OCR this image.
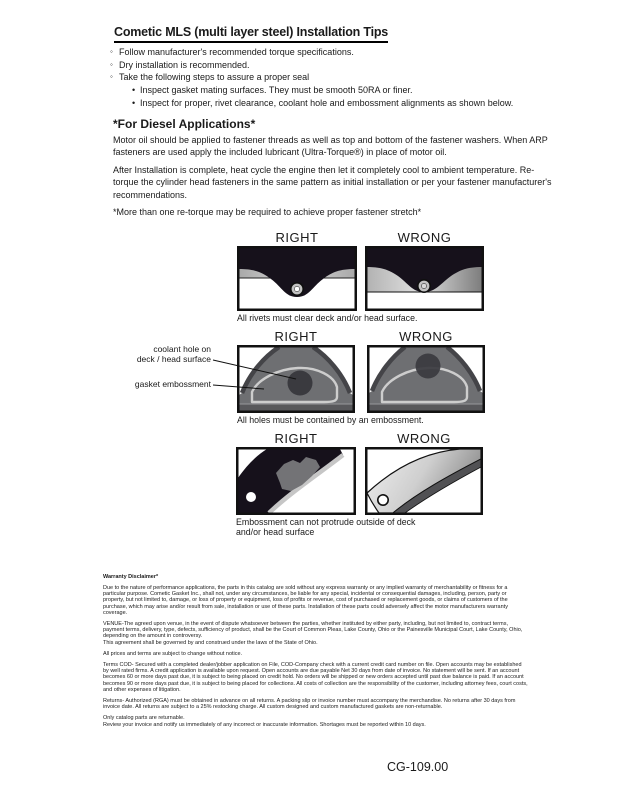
Cometic MLS (multi layer steel) Installation Tips
◦ Follow manufacturer's recommended torque specifications.
◦ Dry installation is recommended.
◦ Take the following steps to assure a proper seal
• Inspect gasket mating surfaces. They must be smooth 50RA or finer.
• Inspect for proper, rivet clearance, coolant hole and embossment alignments as shown below.
*For Diesel Applications*
Motor oil should be applied to fastener threads as well as top and bottom of the fastener washers. When ARP fasteners are used apply the included lubricant (Ultra-Torque®) in place of motor oil.
After Installation is complete, heat cycle the engine then let it completely cool to ambient temperature. Re-torque the cylinder head fasteners in the same pattern as initial installation or per your fastener manufacturer's recommendations.
*More than one re-torque may be required to achieve proper fastener stretch*
RIGHT	WRONG
All rivets must clear deck and/or head surface.
RIGHT	WRONG
All holes must be contained by an embossment.
coolant hole on
deck / head surface
gasket embossment
RIGHT	WRONG
Embossment can not protrude outside of deck
and/or head surface
Warranty Disclaimer*

Due to the nature of performance applications, the parts in this catalog are sold without any express warranty or any implied warranty of merchantability or fitness for a particular purpose. Cometic Gasket Inc., shall not, under any circumstances, be liable for any special, incidental or consequential damages, including, person, party or property, but not limited to, damage, or loss of property or equipment, loss of profits or revenue, cost of purchased or replacement goods, or claims of customers of the purchase, which may arise and/or result from sale, installation or use of these parts. Installation of these parts could adversely affect the motor manufacturers warranty coverage.

VENUE-The agreed upon venue, in the event of dispute whatsoever between the parties, whether instituted by either party, including, but not limited to, contract terms, payment terms, delivery, type, defects, sufficiency of product, shall be the Court of Common Pleas, Lake County, Ohio or the Painesville Municipal Court, Lake County, Ohio, depending on the amount in controversy.

This agreement shall be governed by and construed under the laws of the State of Ohio.

All prices and terms are subject to change without notice.

Terms COD- Secured with a completed dealer/jobber application on File, COD-Company check with a current credit card number on file. Open accounts may be established by well rated firms. A credit application is available upon request. Open accounts are due payable Net 30 days from date of invoice. No statement will be sent. If an account becomes 60 or more days past due, it is subject to being placed on credit hold. No orders will be shipped or new orders accepted until past due balance is paid. If an account becomes 90 or more days past due, it is subject to being placed for collections. All costs of collection are the responsibility of the customer, including attorney fees, court costs, and other expenses of litigation.

Returns- Authorized (RGA) must be obtained in advance on all returns. A packing slip or invoice number must accompany the merchandise. No returns after 30 days from invoice date. All returns are subject to a 25% restocking charge. All custom designed and custom manufactured gaskets are non-returnable.

Only catalog parts are returnable.

Review your invoice and notify us immediately of any incorrect or inaccurate information. Shortages must be reported within 10 days.

CG-109.00
